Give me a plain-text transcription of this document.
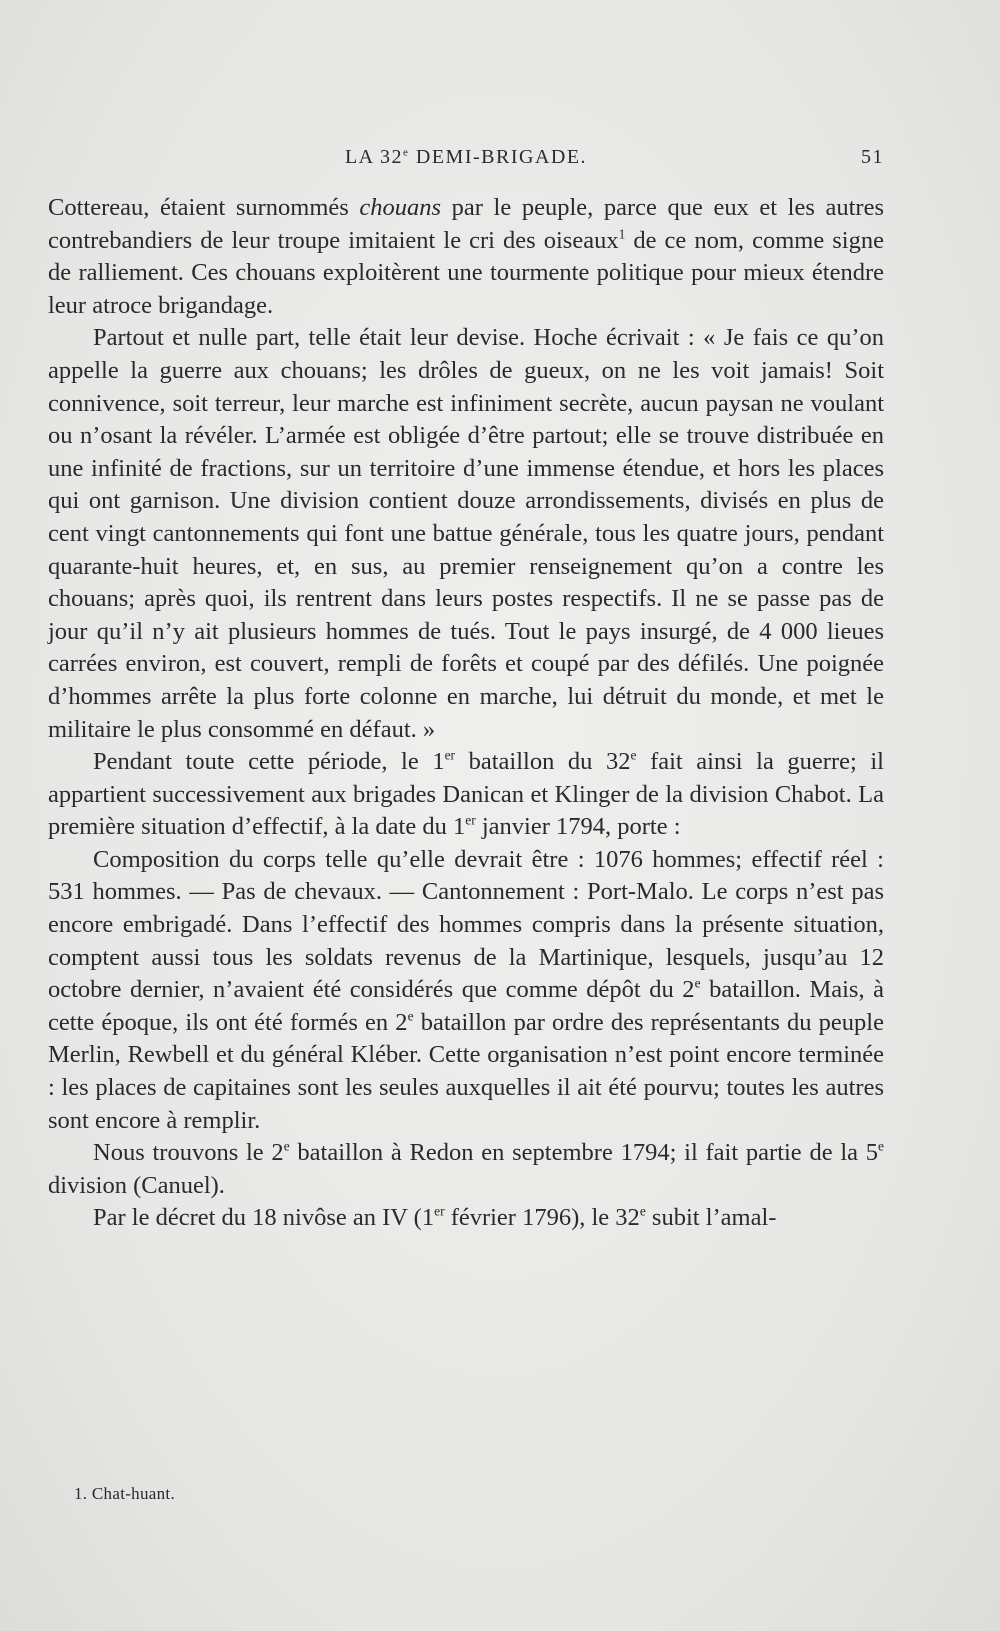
LA 32e DEMI-BRIGADE.	51

Cottereau, étaient surnommés chouans par le peuple, parce que eux et les autres contrebandiers de leur troupe imitaient le cri des oiseaux$^1$ de ce nom, comme signe de ralliement. Ces chouans exploitèrent une tourmente politique pour mieux étendre leur atroce brigandage.

Partout et nulle part, telle était leur devise. Hoche écrivait : « Je fais ce qu’on appelle la guerre aux chouans; les drôles de gueux, on ne les voit jamais! Soit connivence, soit terreur, leur marche est infiniment secrète, aucun paysan ne voulant ou n’osant la révéler. L’armée est obligée d’être partout; elle se trouve distribuée en une infinité de fractions, sur un territoire d’une immense étendue, et hors les places qui ont garnison. Une division contient douze arrondissements, divisés en plus de cent vingt cantonnements qui font une battue générale, tous les quatre jours, pendant quarante-huit heures, et, en sus, au premier renseignement qu’on a contre les chouans; après quoi, ils rentrent dans leurs postes respectifs. Il ne se passe pas de jour qu’il n’y ait plusieurs hommes de tués. Tout le pays insurgé, de 4 000 lieues carrées environ, est couvert, rempli de forêts et coupé par des défilés. Une poignée d’hommes arrête la plus forte colonne en marche, lui détruit du monde, et met le militaire le plus consommé en défaut. »

Pendant toute cette période, le 1er bataillon du 32e fait ainsi la guerre; il appartient successivement aux brigades Danican et Klinger de la division Chabot. La première situation d’effectif, à la date du 1er janvier 1794, porte :

Composition du corps telle qu’elle devrait être : 1076 hommes; effectif réel : 531 hommes. — Pas de chevaux. — Cantonnement : Port-Malo. Le corps n’est pas encore embrigadé. Dans l’effectif des hommes compris dans la présente situation, comptent aussi tous les soldats revenus de la Martinique, lesquels, jusqu’au 12 octobre dernier, n’avaient été considérés que comme dépôt du 2e bataillon. Mais, à cette époque, ils ont été formés en 2e bataillon par ordre des représentants du peuple Merlin, Rewbell et du général Kléber. Cette organisation n’est point encore terminée : les places de capitaines sont les seules auxquelles il ait été pourvu; toutes les autres sont encore à remplir.

Nous trouvons le 2e bataillon à Redon en septembre 1794; il fait partie de la 5e division (Canuel).

Par le décret du 18 nivôse an IV (1er février 1796), le 32e subit l’amal-

1. Chat-huant.
